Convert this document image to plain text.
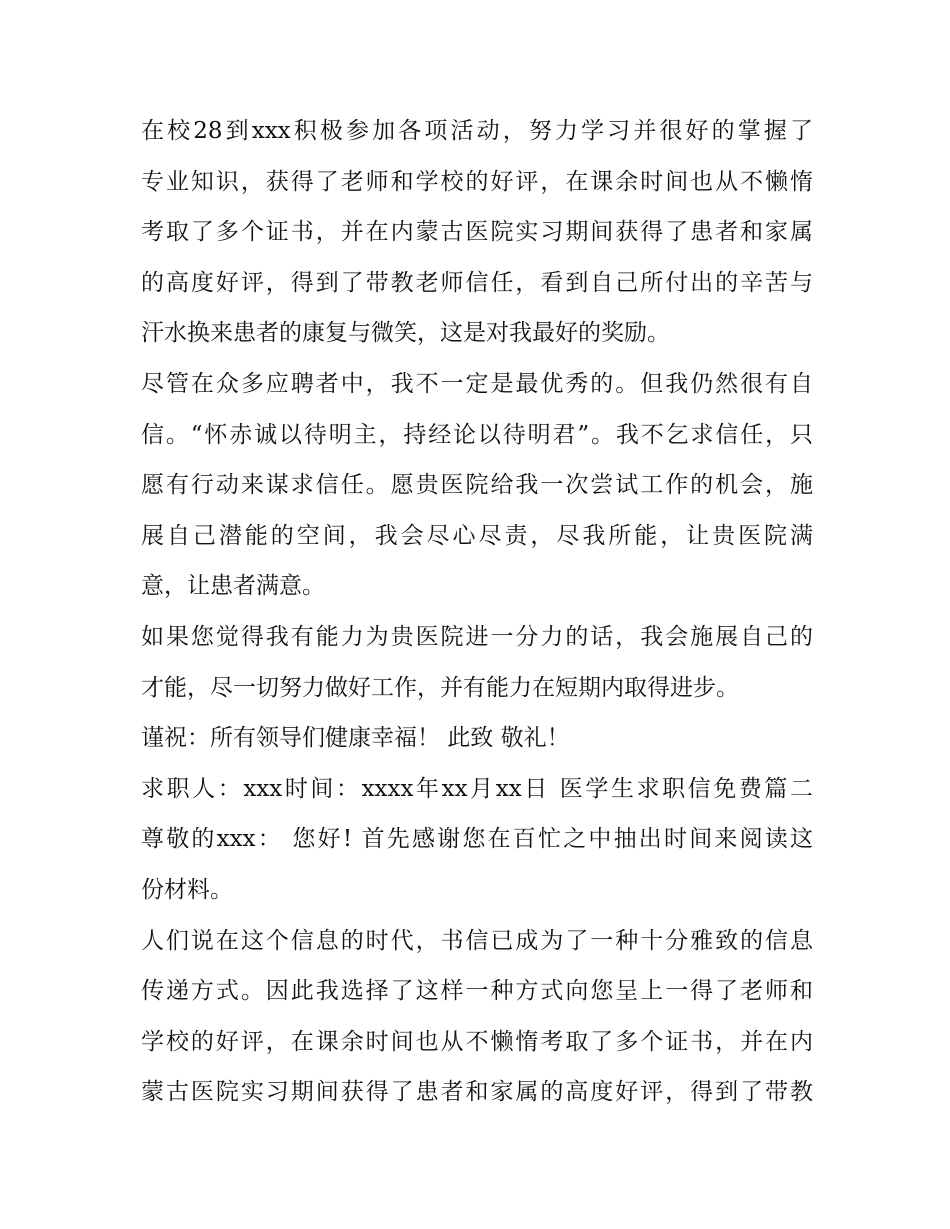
在校28到xxx积极参加各项活动，努力学习并很好的掌握了
专业知识，获得了老师和学校的好评，在课余时间也从不懒惰
考取了多个证书，并在内蒙古医院实习期间获得了患者和家属
的高度好评，得到了带教老师信任，看到自己所付出的辛苦与
汗水换来患者的康复与微笑，这是对我最好的奖励。
尽管在众多应聘者中，我不一定是最优秀的。但我仍然很有自
信。“怀赤诚以待明主，持经论以待明君”。我不乞求信任，只
愿有行动来谋求信任。愿贵医院给我一次尝试工作的机会，施
展自己潜能的空间，我会尽心尽责，尽我所能，让贵医院满
意，让患者满意。
如果您觉得我有能力为贵医院进一分力的话，我会施展自己的
才能，尽一切努力做好工作，并有能力在短期内取得进步。
谨祝：所有领导们健康幸福！ 此致 敬礼！
求职人：xxx时间：xxxx年xx月xx日 医学生求职信免费篇二
尊敬的xxx： 您好! 首先感谢您在百忙之中抽出时间来阅读这
份材料。
人们说在这个信息的时代，书信已成为了一种十分雅致的信息
传递方式。因此我选择了这样一种方式向您呈上一得了老师和
学校的好评，在课余时间也从不懒惰考取了多个证书，并在内
蒙古医院实习期间获得了患者和家属的高度好评，得到了带教
